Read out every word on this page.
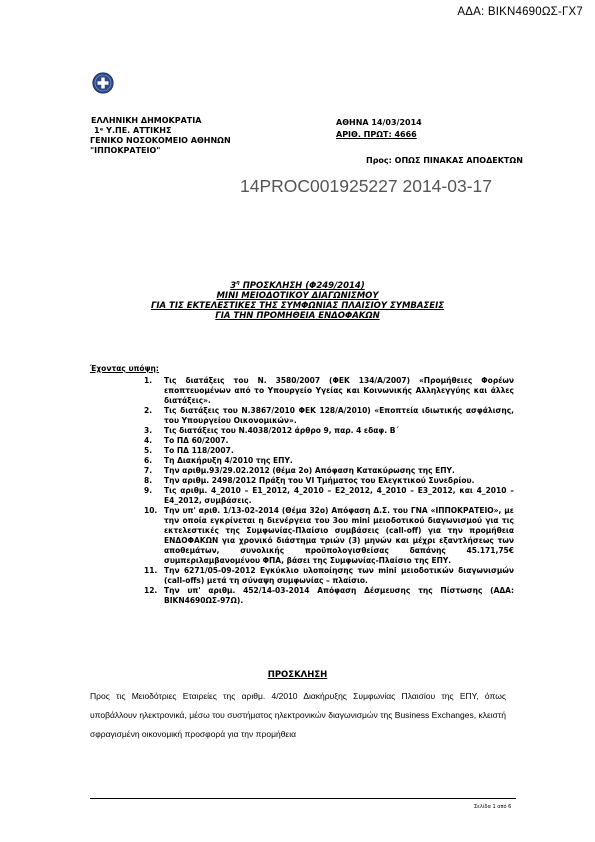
ΑΔΑ: ΒΙΚΝ4690ΩΣ-ΓΧ7
ΕΛΛΗΝΙΚΗ ΔΗΜΟΚΡΑΤΙΑ
1ᵉ Υ.ΠΕ. ΑΤΤΙΚΗΣ
ΓΕΝΙΚΟ ΝΟΣΟΚΟΜΕΙΟ ΑΘΗΝΩΝ
"ΙΠΠΟΚΡΑΤΕΙΟ"
ΑΘΗΝΑ 14/03/2014
ΑΡΙΘ. ΠΡΩΤ: 4666
Προς: ΟΠΩΣ ΠΙΝΑΚΑΣ ΑΠΟΔΕΚΤΩΝ
14PROC001925227 2014-03-17
$3^\eta$ ΠΡΟΣΚΛΗΣΗ (Φ249/2014)
ΜΙΝΙ ΜΕΙΟΔΟΤΙΚΟΥ ΔΙΑΓΩΝΙΣΜΟΥ
ΓΙΑ ΤΙΣ ΕΚΤΕΛΕΣΤΙΚΕΣ ΤΗΣ ΣΥΜΦΩΝΙΑΣ ΠΛΑΙΣΙΟΥ ΣΥΜΒΑΣΕΙΣ
ΓΙΑ ΤΗΝ ΠΡΟΜΗΘΕΙΑ ΕΝΔΟΦΑΚΩΝ
Έχοντας υπόψη:
1.	Τις διατάξεις του Ν. 3580/2007 (ΦΕΚ 134/Α/2007) «Προμήθειες Φορέων εποπτευομένων από το Υπουργείο Υγείας και Κοινωνικής Αλληλεγγύης και άλλες διατάξεις».
2.	Τις διατάξεις του Ν.3867/2010 ΦΕΚ 128/Α/2010) «Εποπτεία ιδιωτικής ασφάλισης, του Υπουργείου Οικονομικών».
3.	Τις διατάξεις του Ν.4038/2012 άρθρο 9, παρ. 4 εδαφ. Β΄
4.	Το ΠΔ 60/2007.
5.	Το ΠΔ 118/2007.
6.	Τη Διακήρυξη 4/2010 της ΕΠΥ.
7.	Την αριθμ.93/29.02.2012 (θέμα 2ο) Απόφαση Κατακύρωσης της ΕΠΥ.
8.	Την αριθμ. 2498/2012 Πράξη του VI Τμήματος του Ελεγκτικού Συνεδρίου.
9.	Τις αριθμ. 4_2010 – Ε1_2012, 4_2010 – Ε2_2012, 4_2010 – Ε3_2012, και 4_2010 – Ε4_2012, συμβάσεις.
10. Την υπ' αριθ. 1/13-02-2014 (Θέμα 32ο) Απόφαση Δ.Σ. του ΓΝΑ «ΙΠΠΟΚΡΑΤΕΙΟ», με την οποία εγκρίνεται η διενέργεια του 3ου mini μειοδοτικού διαγωνισμού για τις εκτελεστικές της Συμφωνίας-Πλαίσιο συμβάσεις (call-off) για την προμήθεια ΕΝΔΟΦΑΚΩΝ για χρονικό διάστημα τριών (3) μηνών και μέχρι εξαντλήσεως των αποθεμάτων, συνολικής προϋπολογισθείσας δαπάνης 45.171,75€ συμπεριλαμβανομένου ΦΠΑ, βάσει της Συμφωνίας-Πλαίσιο της ΕΠΥ.
11. Την 6271/05-09-2012 Εγκύκλιο υλοποίησης των mini μειοδοτικών διαγωνισμών (call-offs) μετά τη σύναψη συμφωνίας – πλαίσιο.
12. Την υπ' αριθμ. 452/14-03-2014 Απόφαση Δέσμευσης της Πίστωσης (ΑΔΑ: ΒΙΚΝ4690ΩΣ-97Ω).
ΠΡΟΣΚΛΗΣΗ
Προς τις Μειοδότριες Εταιρείες της αριθμ. 4/2010 Διακήρυξης Συμφωνίας Πλαισίου της ΕΠΥ, όπως υποβάλλουν ηλεκτρονικά, μέσω του συστήματος ηλεκτρονικών διαγωνισμών της Business Exchanges, κλειστή σφραγισμένη οικονομική προσφορά για την προμήθεια
Σελίδα 1 από 6
